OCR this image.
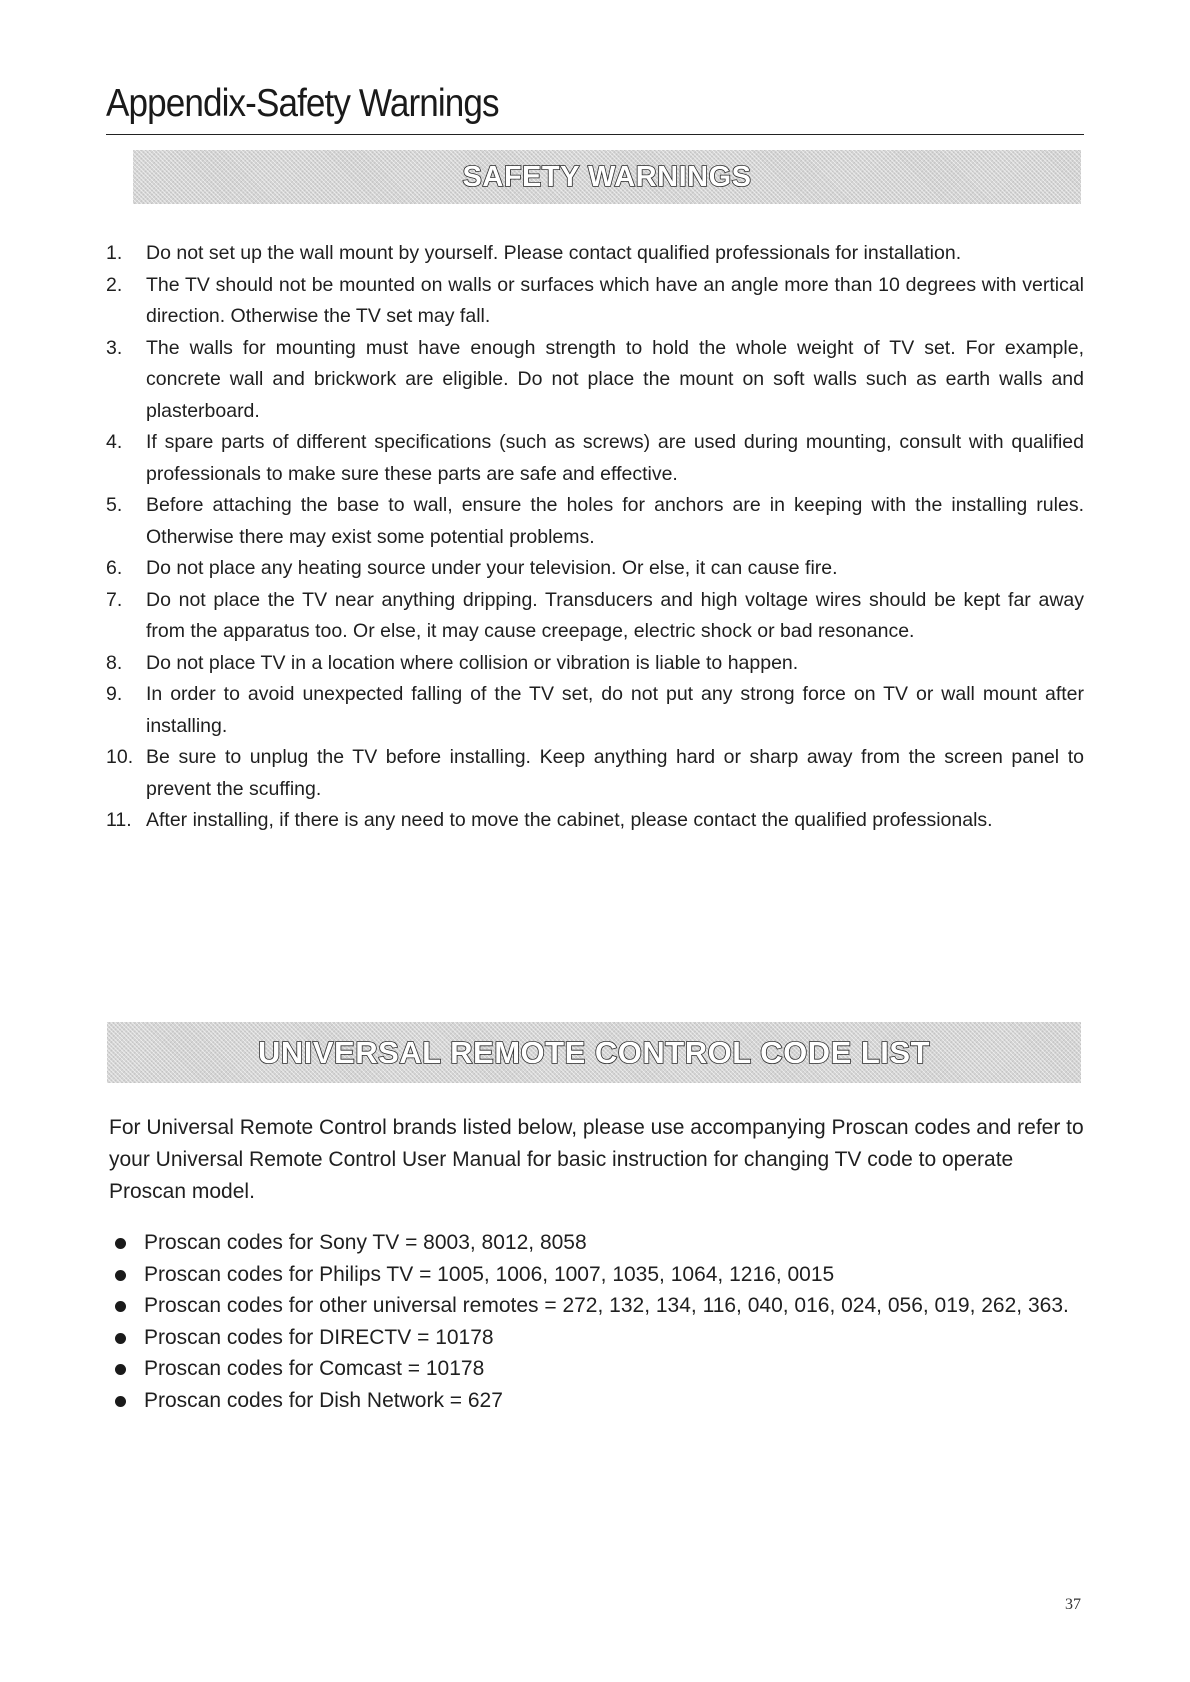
Appendix-Safety Warnings
SAFETY WARNINGS
1.	Do not set up the wall mount by yourself. Please contact qualified professionals for installation.
2.	The TV should not be mounted on walls or surfaces which have an angle more than 10 degrees with vertical direction. Otherwise the TV set may fall.
3.	The walls for mounting must have enough strength to hold the whole weight of TV set. For example, concrete wall and brickwork are eligible. Do not place the mount on soft walls such as earth walls and plasterboard.
4.	If spare parts of different specifications (such as screws) are used during mounting, consult with qualified professionals to make sure these parts are safe and effective.
5.	Before attaching the base to wall, ensure the holes for anchors are in keeping with the installing rules. Otherwise there may exist some potential problems.
6.	Do not place any heating source under your television. Or else, it can cause fire.
7.	Do not place the TV near anything dripping. Transducers and high voltage wires should be kept far away from the apparatus too. Or else, it may cause creepage, electric shock or bad resonance.
8.	Do not place TV in a location where collision or vibration is liable to happen.
9.	In order to avoid unexpected falling of the TV set, do not put any strong force on TV or wall mount after installing.
10. Be sure to unplug the TV before installing. Keep anything hard or sharp away from the screen panel to prevent the scuffing.
11. After installing, if there is any need to move the cabinet, please contact the qualified professionals.
UNIVERSAL REMOTE CONTROL CODE LIST

For Universal Remote Control brands listed below, please use accompanying Proscan codes and refer to your Universal Remote Control User Manual for basic instruction for changing TV code to operate Proscan model.

Proscan codes for Sony TV = 8003, 8012, 8058
Proscan codes for Philips TV = 1005, 1006, 1007, 1035, 1064, 1216, 0015
Proscan codes for other universal remotes = 272, 132, 134, 116, 040, 016, 024, 056, 019, 262, 363.
Proscan codes for DIRECTV = 10178
Proscan codes for Comcast = 10178
Proscan codes for Dish Network = 627
37
